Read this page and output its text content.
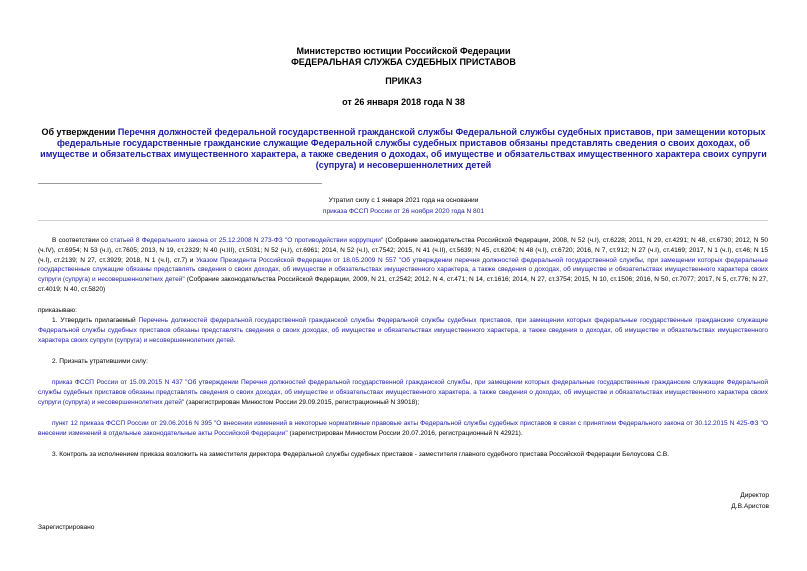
Министерство юстиции Российской Федерации
ФЕДЕРАЛЬНАЯ СЛУЖБА СУДЕБНЫХ ПРИСТАВОВ
ПРИКАЗ
от 26 января 2018 года N 38
Об утверждении Перечня должностей федеральной государственной гражданской службы Федеральной службы судебных приставов, при замещении которых федеральные государственные гражданские служащие Федеральной службы судебных приставов обязаны представлять сведения о своих доходах, об имуществе и обязательствах имущественного характера, а также сведения о доходах, об имуществе и обязательствах имущественного характера своих супруги (супруга) и несовершеннолетних детей
Утратил силу с 1 января 2021 года на основании
приказа ФССП России от 26 ноября 2020 года N 801
В соответствии со статьей 8 Федерального закона от 25.12.2008 N 273-ФЗ "О противодействии коррупции" (Собрание законодательства Российской Федерации, 2008, N 52 (ч.I), ст.6228; 2011, N 29, ст.4291; N 48, ст.6730; 2012, N 50 (ч.IV), ст.6954; N 53 (ч.I), ст.7605; 2013, N 19, ст.2329; N 40 (ч.III), ст.5031; N 52 (ч.I), ст.6961; 2014, N 52 (ч.I), ст.7542; 2015, N 41 (ч.II), ст.5639; N 45, ст.6204; N 48 (ч.I), ст.6720; 2016, N 7, ст.912; N 27 (ч.I), ст.4169; 2017, N 1 (ч.I), ст.46; N 15 (ч.I), ст.2139; N 27, ст.3929; 2018, N 1 (ч.I), ст.7) и Указом Президента Российской Федерации от 18.05.2009 N 557 "Об утверждении перечня должностей федеральной государственной службы, при замещении которых федеральные государственные служащие обязаны представлять сведения о своих доходах, об имуществе и обязательствах имущественного характера, а также сведения о доходах, об имуществе и обязательствах имущественного характера своих супруги (супруга) и несовершеннолетних детей" (Собрание законодательства Российской Федерации, 2009, N 21, ст.2542; 2012, N 4, ст.471; N 14, ст.1616; 2014, N 27, ст.3754; 2015, N 10, ст.1506; 2016, N 50, ст.7077; 2017, N 5, ст.776; N 27, ст.4019; N 40, ст.5820)
приказываю:
1. Утвердить прилагаемый Перечень должностей федеральной государственной гражданской службы Федеральной службы судебных приставов, при замещении которых федеральные государственные гражданские служащие Федеральной службы судебных приставов обязаны представлять сведения о своих доходах, об имуществе и обязательствах имущественного характера, а также сведения о доходах, об имуществе и обязательствах имущественного характера своих супруги (супруга) и несовершеннолетних детей.
2. Признать утратившими силу:
приказ ФССП России от 15.09.2015 N 437 "Об утверждении Перечня должностей федеральной государственной гражданской службы, при замещении которых федеральные государственные гражданские служащие Федеральной службы судебных приставов обязаны представлять сведения о своих доходах, об имуществе и обязательствах имущественного характера, а также сведения о доходах, об имуществе и обязательствах имущественного характера своих супруги (супруга) и несовершеннолетних детей" (зарегистрирован Минюстом России 29.09.2015, регистрационный N 39018);
пункт 12 приказа ФССП России от 29.06.2016 N 395 "О внесении изменений в некоторые нормативные правовые акты Федеральной службы судебных приставов в связи с принятием Федерального закона от 30.12.2015 N 425-ФЗ "О внесении изменений в отдельные законодательные акты Российской Федерации" (зарегистрирован Минюстом России 20.07.2016, регистрационный N 42921).
3. Контроль за исполнением приказа возложить на заместителя директора Федеральной службы судебных приставов - заместителя главного судебного пристава Российской Федерации Белоусова С.В.
Директор
Д.В.Аристов
Зарегистрировано
